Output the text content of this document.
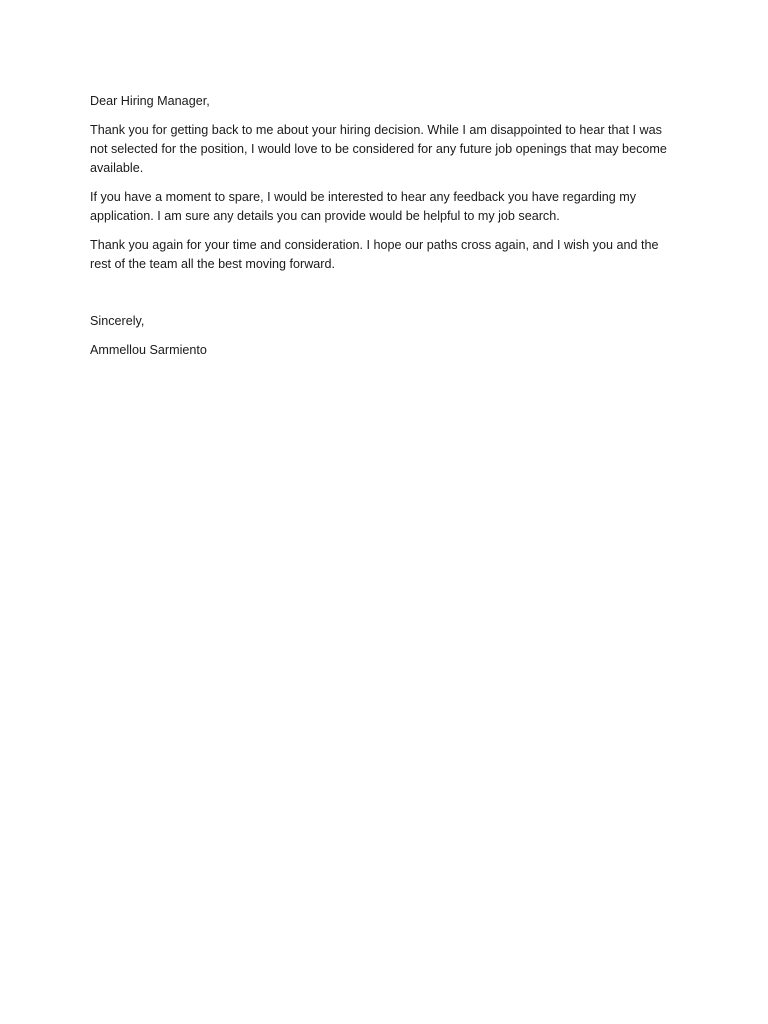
Dear Hiring Manager,

Thank you for getting back to me about your hiring decision. While I am disappointed to hear that I was not selected for the position, I would love to be considered for any future job openings that may become available.

If you have a moment to spare, I would be interested to hear any feedback you have regarding my application. I am sure any details you can provide would be helpful to my job search.

Thank you again for your time and consideration. I hope our paths cross again, and I wish you and the rest of the team all the best moving forward.

Sincerely,

Ammellou Sarmiento
